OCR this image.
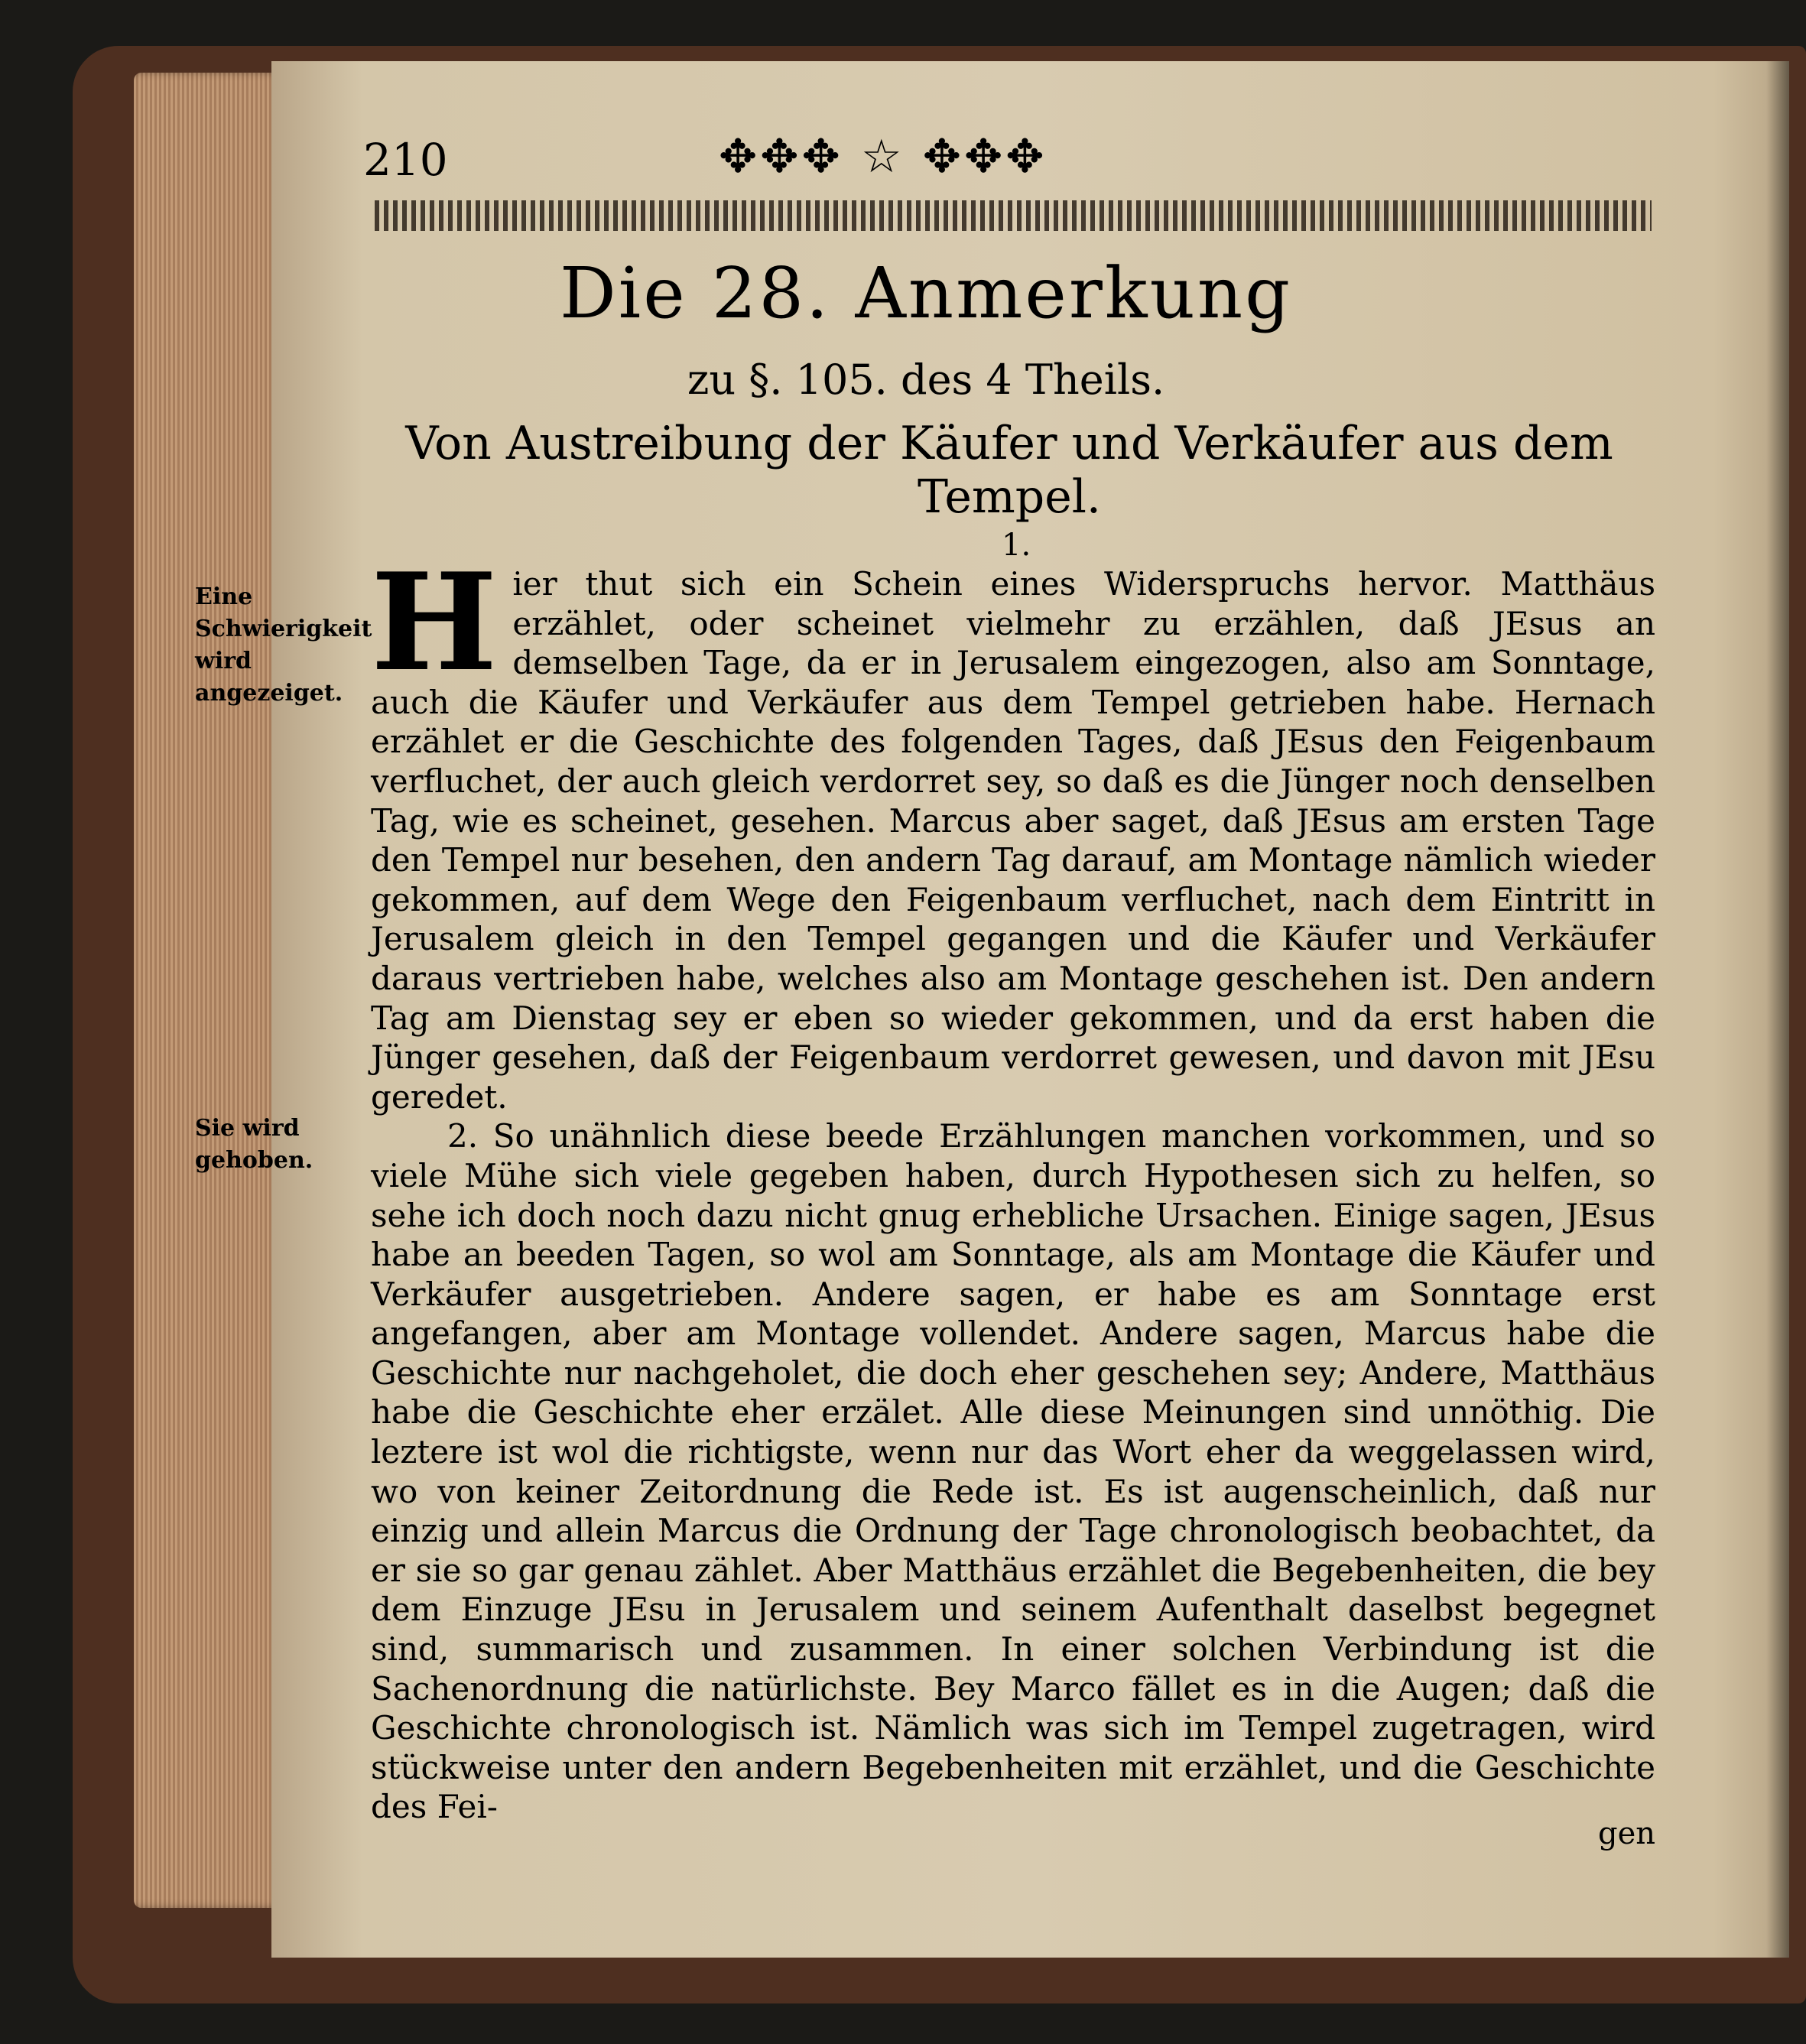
210	✥✥✥ ☆ ✥✥✥
Die 28. Anmerkung
zu §. 105. des 4 Theils.
Von Austreibung der Käufer und Verkäufer aus dem Tempel.
1.
Eine Schwierigkeit wird angezeiget.
Sie wird gehoben.

Hier thut sich ein Schein eines Widerspruchs hervor. Matthäus erzählet, oder scheinet vielmehr zu erzählen, daß JEsus an demselben Tage, da er in Jerusalem eingezogen, also am Sonntage, auch die Käufer und Verkäufer aus dem Tempel getrieben habe. Hernach erzählet er die Geschichte des folgenden Tages, daß JEsus den Feigenbaum verfluchet, der auch gleich verdorret sey, so daß es die Jünger noch denselben Tag, wie es scheinet, gesehen. Marcus aber saget, daß JEsus am ersten Tage den Tempel nur besehen, den andern Tag darauf, am Montage nämlich wieder gekommen, auf dem Wege den Feigenbaum verfluchet, nach dem Eintritt in Jerusalem gleich in den Tempel gegangen und die Käufer und Verkäufer daraus vertrieben habe, welches also am Montage geschehen ist. Den andern Tag am Dienstag sey er eben so wieder gekommen, und da erst haben die Jünger gesehen, daß der Feigenbaum verdorret gewesen, und davon mit JEsu geredet.

2. So unähnlich diese beede Erzählungen manchen vorkommen, und so viele Mühe sich viele gegeben haben, durch Hypothesen sich zu helfen, so sehe ich doch noch dazu nicht gnug erhebliche Ursachen. Einige sagen, JEsus habe an beeden Tagen, so wol am Sonntage, als am Montage die Käufer und Verkäufer ausgetrieben. Andere sagen, er habe es am Sonntage erst angefangen, aber am Montage vollendet. Andere sagen, Marcus habe die Geschichte nur nachgeholet, die doch eher geschehen sey; Andere, Matthäus habe die Geschichte eher erzälet. Alle diese Meinungen sind unnöthig. Die leztere ist wol die richtigste, wenn nur das Wort eher da weggelassen wird, wo von keiner Zeitordnung die Rede ist. Es ist augenscheinlich, daß nur einzig und allein Marcus die Ordnung der Tage chronologisch beobachtet, da er sie so gar genau zählet. Aber Matthäus erzählet die Begebenheiten, die bey dem Einzuge JEsu in Jerusalem und seinem Aufenthalt daselbst begegnet sind, summarisch und zusammen. In einer solchen Verbindung ist die Sachenordnung die natürlichste. Bey Marco fället es in die Augen; daß die Geschichte chronologisch ist. Nämlich was sich im Tempel zugetragen, wird stückweise unter den andern Begebenheiten mit erzählet, und die Geschichte des Fei-

gen
